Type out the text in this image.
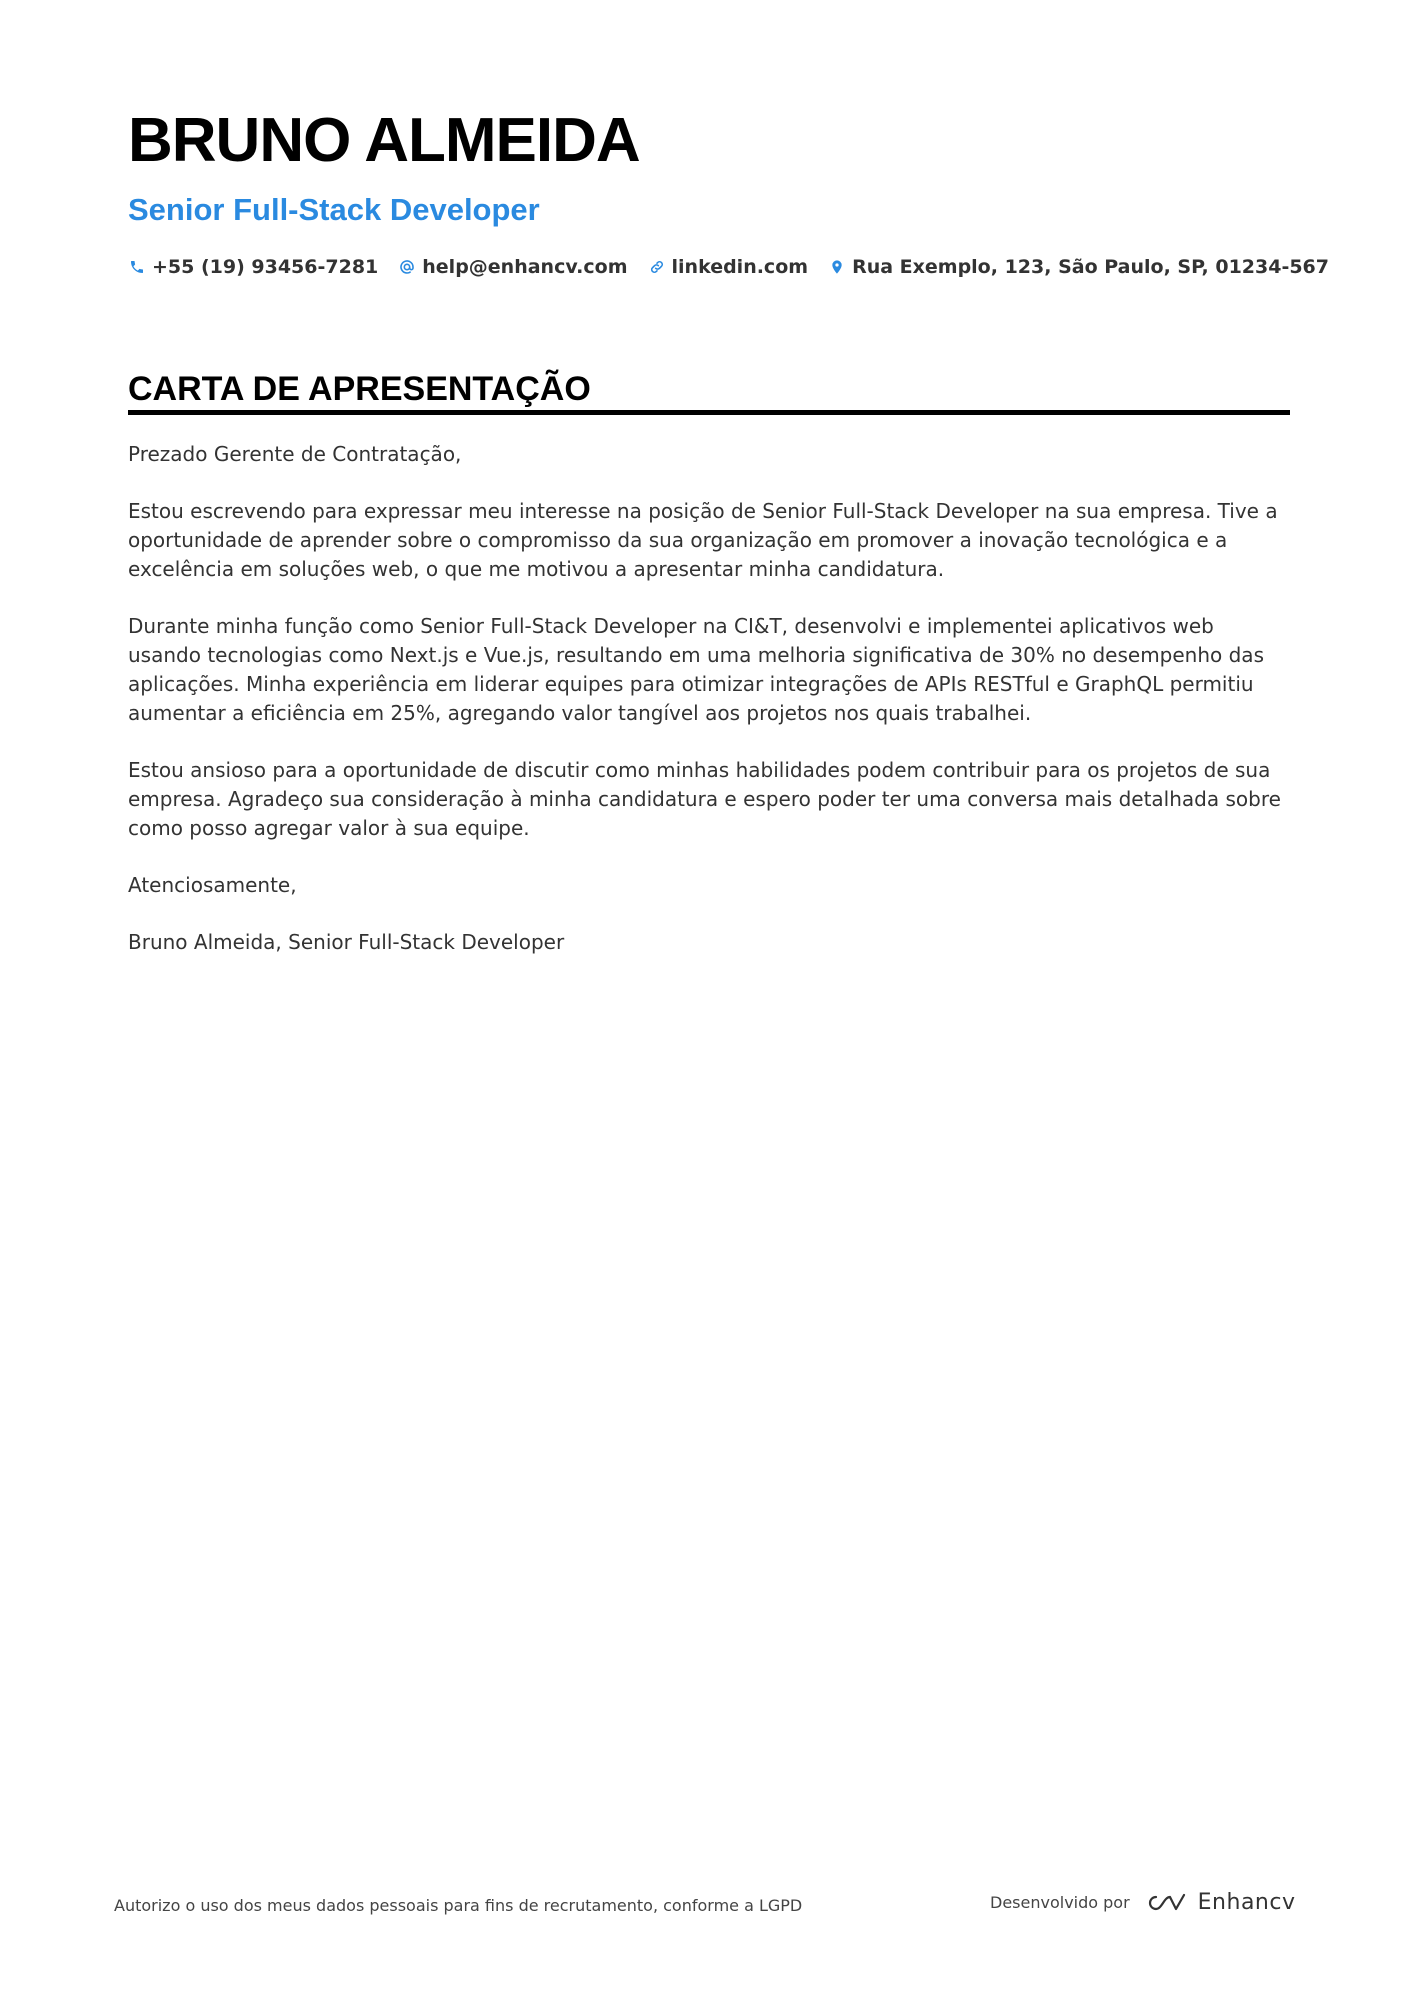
BRUNO ALMEIDA
Senior Full-Stack Developer
+55 (19) 93456-7281 help@enhancv.com linkedin.com Rua Exemplo, 123, São Paulo, SP, 01234-567
CARTA DE APRESENTAÇÃO

Prezado Gerente de Contratação,

Estou escrevendo para expressar meu interesse na posição de Senior Full-Stack Developer na sua empresa. Tive a oportunidade de aprender sobre o compromisso da sua organização em promover a inovação tecnológica e a excelência em soluções web, o que me motivou a apresentar minha candidatura.

Durante minha função como Senior Full-Stack Developer na CI&T, desenvolvi e implementei aplicativos web usando tecnologias como Next.js e Vue.js, resultando em uma melhoria significativa de 30% no desempenho das aplicações. Minha experiência em liderar equipes para otimizar integrações de APIs RESTful e GraphQL permitiu aumentar a eficiência em 25%, agregando valor tangível aos projetos nos quais trabalhei.

Estou ansioso para a oportunidade de discutir como minhas habilidades podem contribuir para os projetos de sua empresa. Agradeço sua consideração à minha candidatura e espero poder ter uma conversa mais detalhada sobre como posso agregar valor à sua equipe.

Atenciosamente,

Bruno Almeida, Senior Full-Stack Developer

Autorizo o uso dos meus dados pessoais para fins de recrutamento, conforme a LGPD	Desenvolvido por	Enhancv
